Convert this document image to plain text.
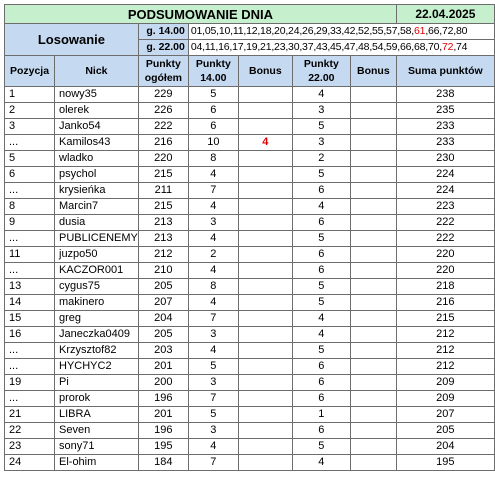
PODSUMOWANIE DNIA							22.04.2025
Losowanie		g. 14.00	01,05,10,11,12,18,20,24,26,29,33,42,52,55,57,58,61,66,72,80				
		g. 22.00	04,11,16,17,19,21,23,30,37,43,45,47,48,54,59,66,68,70,72,74				
Pozycja	Nick	Punkty ogółem	Punkty 14.00	Bonus	Punkty 22.00	Bonus	Suma punktów
1	nowy35	229	5		4		238
2	olerek	226	6		3		235
3	Janko54	222	6		5		233
...	Kamilos43	216	10	4	3		233
5	wladko	220	8		2		230
6	psychol	215	4		5		224
...	krysieńka	211	7		6		224
8	Marcin7	215	4		4		223
9	dusia	213	3		6		222
...	PUBLICENEMY	213	4		5		222
11	juzpo50	212	2		6		220
...	KACZOR001	210	4		6		220
13	cygus75	205	8		5		218
14	makinero	207	4		5		216
15	greg	204	7		4		215
16	Janeczka0409	205	3		4		212
...	Krzysztof82	203	4		5		212
...	HYCHYC2	201	5		6		212
19	Pi	200	3		6		209
...	prorok	196	7		6		209
21	LIBRA	201	5		1		207
22	Seven	196	3		6		205
23	sony71	195	4		5		204
24	El-ohim	184	7		4		195
